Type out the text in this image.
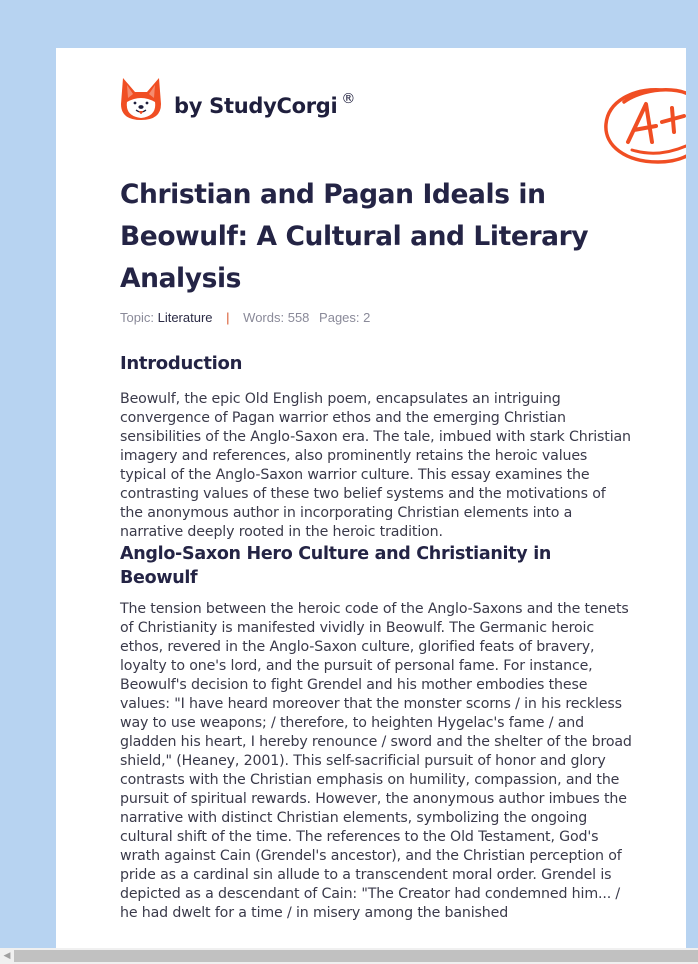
by StudyCorgi ®
Christian and Pagan Ideals in Beowulf: A Cultural and Literary Analysis
Topic: Literature | Words: 558 Pages: 2
Introduction

Beowulf, the epic Old English poem, encapsulates an intriguing convergence of Pagan warrior ethos and the emerging Christian sensibilities of the Anglo-Saxon era. The tale, imbued with stark Christian imagery and references, also prominently retains the heroic values typical of the Anglo-Saxon warrior culture. This essay examines the contrasting values of these two belief systems and the motivations of the anonymous author in incorporating Christian elements into a narrative deeply rooted in the heroic tradition.

Anglo-Saxon Hero Culture and Christianity in Beowulf

The tension between the heroic code of the Anglo-Saxons and the tenets of Christianity is manifested vividly in Beowulf. The Germanic heroic ethos, revered in the Anglo-Saxon culture, glorified feats of bravery, loyalty to one's lord, and the pursuit of personal fame. For instance, Beowulf's decision to fight Grendel and his mother embodies these values: "I have heard moreover that the monster scorns / in his reckless way to use weapons; / therefore, to heighten Hygelac's fame / and gladden his heart, I hereby renounce / sword and the shelter of the broad shield," (Heaney, 2001). This self-sacrificial pursuit of honor and glory contrasts with the Christian emphasis on humility, compassion, and the pursuit of spiritual rewards. However, the anonymous author imbues the narrative with distinct Christian elements, symbolizing the ongoing cultural shift of the time. The references to the Old Testament, God's wrath against Cain (Grendel's ancestor), and the Christian perception of pride as a cardinal sin allude to a transcendent moral order. Grendel is depicted as a descendant of Cain: "The Creator had condemned him... / he had dwelt for a time / in misery among the banished

◀
